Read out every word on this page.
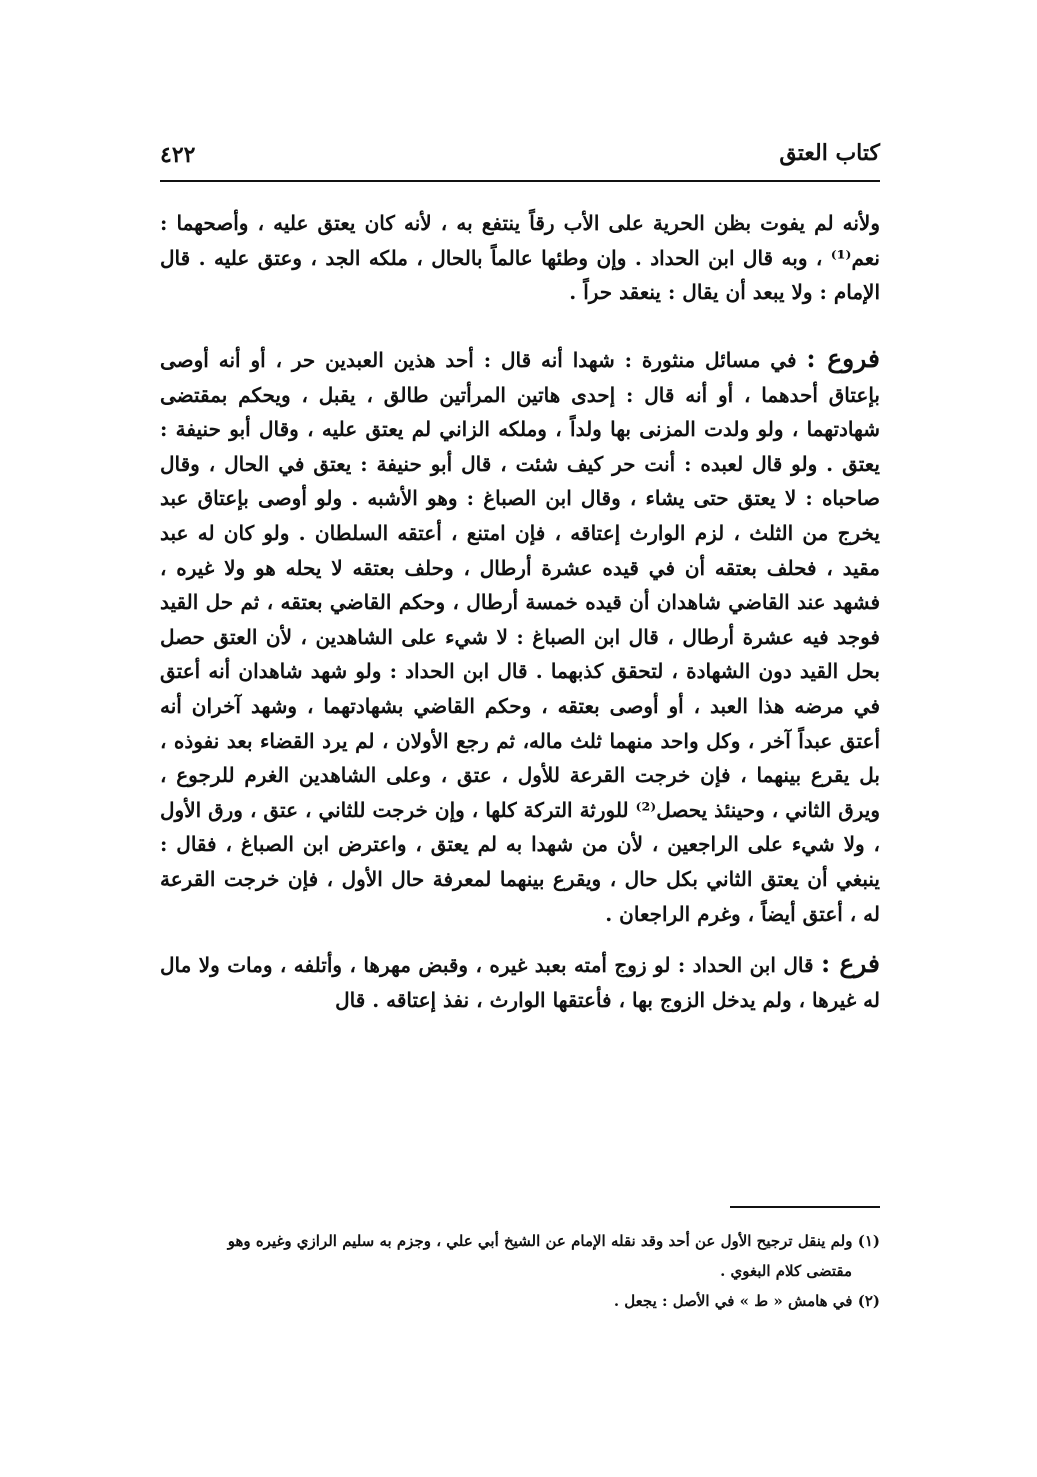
كتاب العتق
٤٢٢

ولأنه لم يفوت بظن الحرية على الأب رقاً ينتفع به ، لأنه كان يعتق عليه ، وأصحهما : نعم⁽¹⁾ ، وبه قال ابن الحداد . وإن وطئها عالماً بالحال ، ملكه الجد ، وعتق عليه . قال الإمام : ولا يبعد أن يقال : ينعقد حراً .

فروع : في مسائل منثورة : شهدا أنه قال : أحد هذين العبدين حر ، أو أنه أوصى بإعتاق أحدهما ، أو أنه قال : إحدى هاتين المرأتين طالق ، يقبل ، ويحكم بمقتضى شهادتهما ، ولو ولدت المزنى بها ولداً ، وملكه الزاني لم يعتق عليه ، وقال أبو حنيفة : يعتق . ولو قال لعبده : أنت حر كيف شئت ، قال أبو حنيفة : يعتق في الحال ، وقال صاحباه : لا يعتق حتى يشاء ، وقال ابن الصباغ : وهو الأشبه . ولو أوصى بإعتاق عبد يخرج من الثلث ، لزم الوارث إعتاقه ، فإن امتنع ، أعتقه السلطان . ولو كان له عبد مقيد ، فحلف بعتقه أن في قيده عشرة أرطال ، وحلف بعتقه لا يحله هو ولا غيره ، فشهد عند القاضي شاهدان أن قيده خمسة أرطال ، وحكم القاضي بعتقه ، ثم حل القيد فوجد فيه عشرة أرطال ، قال ابن الصباغ : لا شيء على الشاهدين ، لأن العتق حصل بحل القيد دون الشهادة ، لتحقق كذبهما . قال ابن الحداد : ولو شهد شاهدان أنه أعتق في مرضه هذا العبد ، أو أوصى بعتقه ، وحكم القاضي بشهادتهما ، وشهد آخران أنه أعتق عبداً آخر ، وكل واحد منهما ثلث ماله، ثم رجع الأولان ، لم يرد القضاء بعد نفوذه ، بل يقرع بينهما ، فإن خرجت القرعة للأول ، عتق ، وعلى الشاهدين الغرم للرجوع ، ويرق الثاني ، وحينئذ يحصل⁽²⁾ للورثة التركة كلها ، وإن خرجت للثاني ، عتق ، ورق الأول ، ولا شيء على الراجعين ، لأن من شهدا به لم يعتق ، واعترض ابن الصباغ ، فقال : ينبغي أن يعتق الثاني بكل حال ، ويقرع بينهما لمعرفة حال الأول ، فإن خرجت القرعة له ، أعتق أيضاً ، وغرم الراجعان .

فرع : قال ابن الحداد : لو زوج أمته بعبد غيره ، وقبض مهرها ، وأتلفه ، ومات ولا مال له غيرها ، ولم يدخل الزوج بها ، فأعتقها الوارث ، نفذ إعتاقه . قال

(١) ولم ينقل ترجيح الأول عن أحد وقد نقله الإمام عن الشيخ أبي علي ، وجزم به سليم الرازي وغيره وهو

مقتضى كلام البغوي .

(٢) في هامش « ط » في الأصل : يجعل .
